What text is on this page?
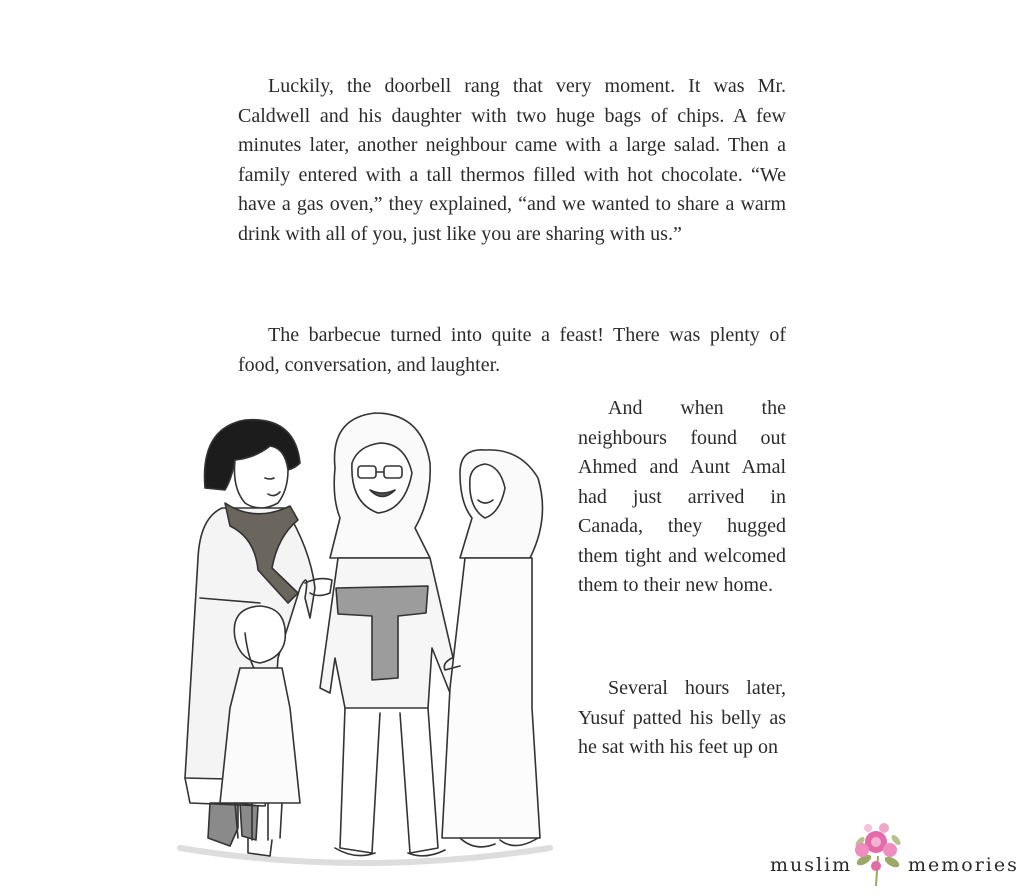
Luckily, the doorbell rang that very moment. It was Mr. Caldwell and his daughter with two huge bags of chips. A few minutes later, another neighbour came with a large salad. Then a family entered with a tall thermos filled with hot chocolate. “We have a gas oven,” they explained, “and we wanted to share a warm drink with all of you, just like you are sharing with us.”

The barbecue turned into quite a feast! There was plenty of food, conversation, and laughter.

And when the neighbours found out Ahmed and Aunt Amal had just arrived in Canada, they hugged them tight and welcomed them to their new home.

Several hours later, Yusuf patted his belly as he sat with his feet up on

muslim	memories
